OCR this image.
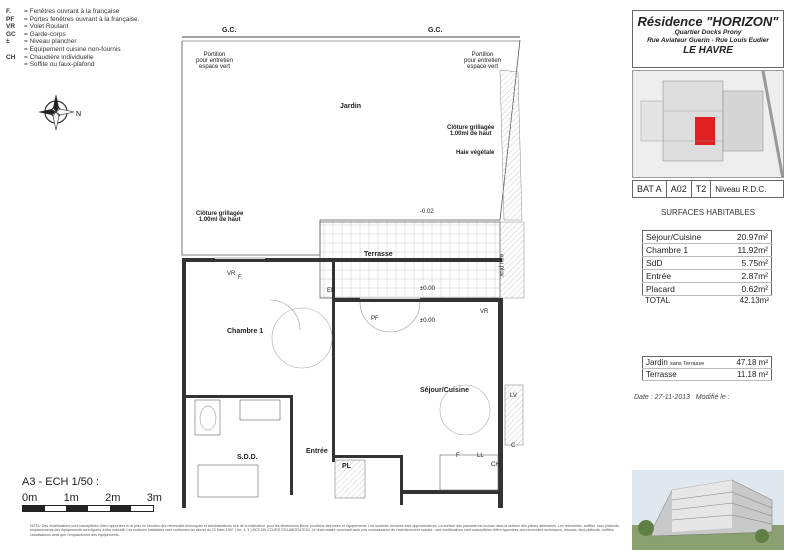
F.	= Fenêtres ouvrant à la française
PF	= Portes fenêtres ouvrant à la française.
VR	= Volet Roulant
GC	= Garde-corps
±	= Niveau plancher
= Equipement cuisine non-fournis
CH	= Chaudière individuelle
= Soffite ou faux-plafond
N
G.C.	G.C.
Portillon
pour entretien
espace vert
Portillon
pour entretien
espace vert
Jardin
Clôture grillagée
1.00ml de haut
Haie végétale
Clôture grillagée
1.00ml de haut
-0.02
Terrasse	eau pluv.
±0.00
±0.00
EP
VR
F.
PF
VR
Chambre 1
Séjour/Cuisine
S.D.D.
Entrée
PL
LV
C
F	LL
CH
A3 - ECH 1/50 :
0m 1m 2m 3m
NOTA: Des modifications sont susceptibles d'être apportées à ce plan en fonction des nécessités techniques et administratives lors de la réalisation, pour les dimensions libres, positions des baies et équipements. Les surfaces données sont approximatives. La surface des placards est incluse dans la surface des pièces attenantes. Les retombées, soffites, faux-plafonds, emplacements des équipements sont figurés à titre indicatif. Les surfaces habitables sont conformes au décret du 23 Mars 1997 ( Art. 4, 1 ) BCE DN COURS D'ELABORATION. Le réservataire reconnaît avoir pris connaissance de l'avertissement suivant : des modifications sont susceptibles d'être apportées aux nécessités techniques, réseaux, faux-plafonds, soffites, canalisations ainsi que l'emplacement des équipements.
Résidence "HORIZON"
Quartier Docks Prony
Rue Aviateur Guerin - Rue Louis Eudier
LE HAVRE
BAT A	A02	T2	Niveau R.D.C.
SURFACES HABITABLES
Séjour/Cuisine	20.97m²
Chambre 1	11.92m²
SdD	5.75m²
Entrée	2.87m²
Placard	0.62m²
TOTAL	42.13m²
Jardin sans Terrasse	47.18 m²
Terrasse	11.18 m²
Date : 27-11-2013 Modifié le :
